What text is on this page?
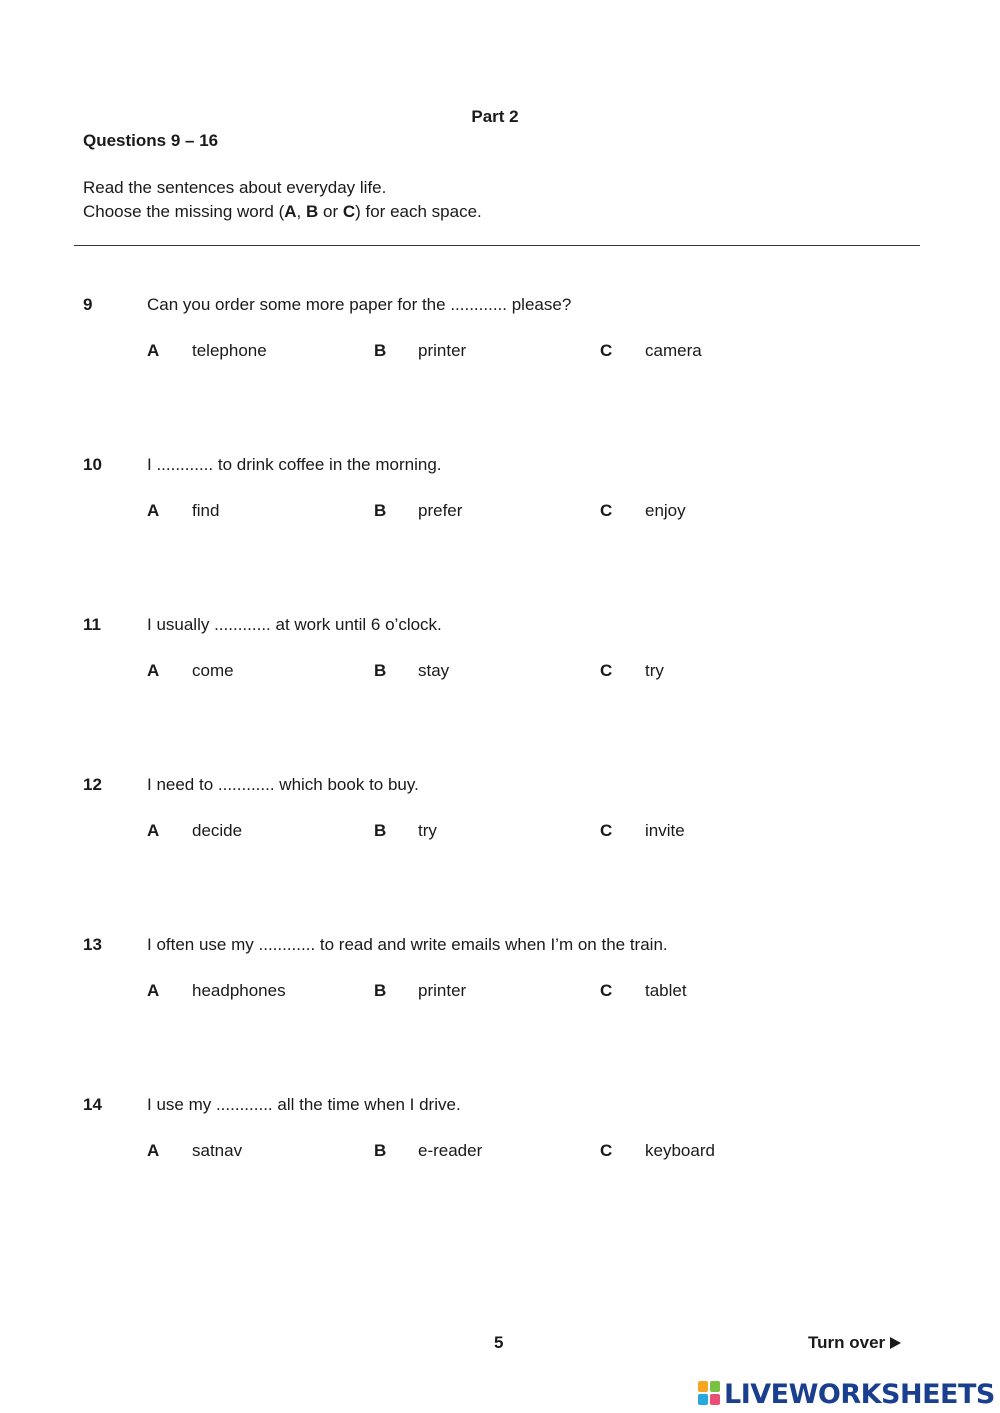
Part 2
Questions 9 – 16
Read the sentences about everyday life.
Choose the missing word (A, B or C) for each space.
9	Can you order some more paper for the ............ please?
A telephone	B printer	C camera
10	I ............ to drink coffee in the morning.
A find	B prefer	C enjoy
11	I usually ............ at work until 6 o’clock.
A come	B stay	C try
12	I need to ............ which book to buy.
A decide	B try	C invite
13	I often use my ............ to read and write emails when I’m on the train.
A headphones	B printer	C tablet
14	I use my ............ all the time when I drive.
A satnav	B e-reader	C keyboard
5	Turn over
LIVEWORKSHEETS
